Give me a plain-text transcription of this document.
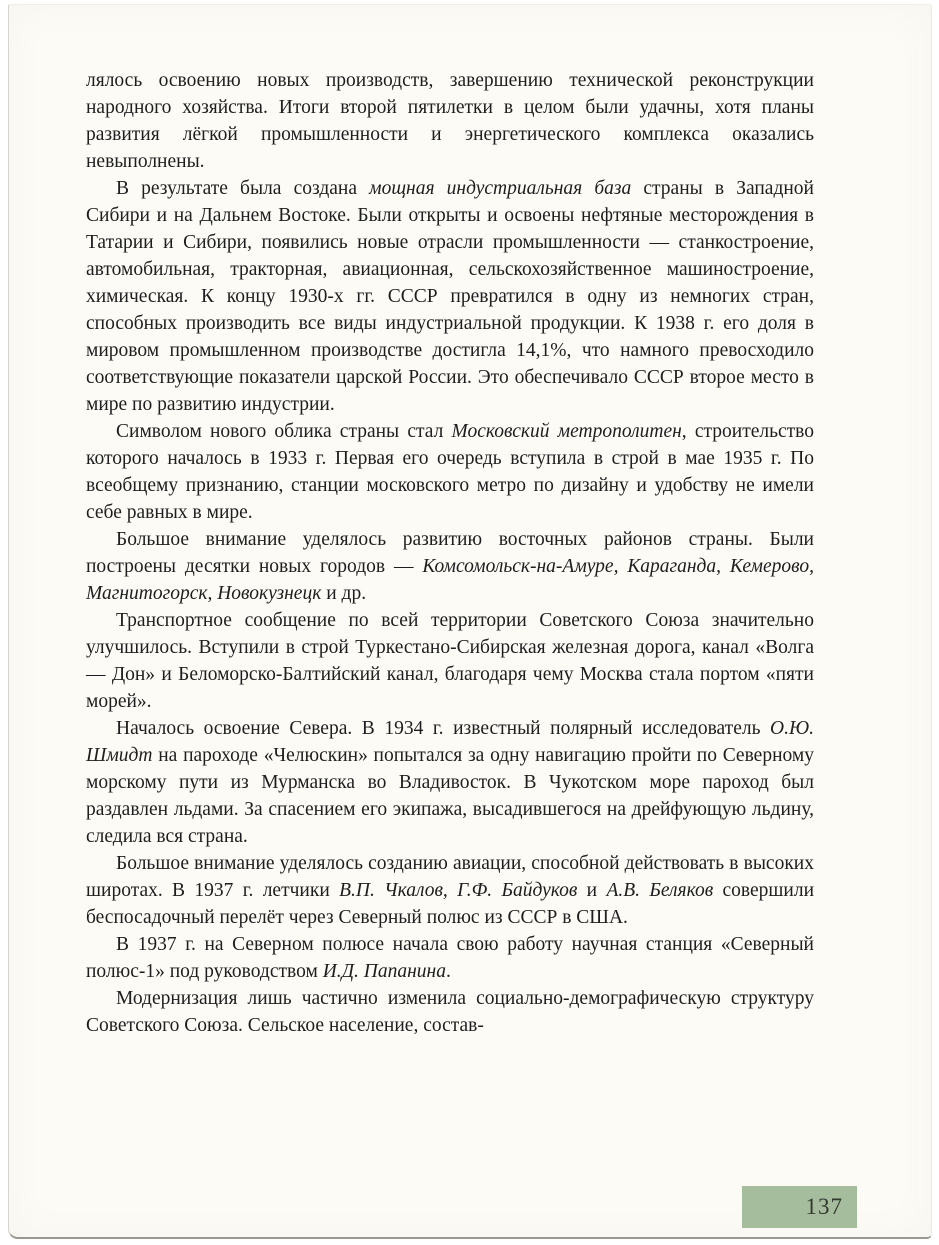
лялось освоению новых производств, завершению технической реконструкции народного хозяйства. Итоги второй пятилетки в целом были удачны, хотя планы развития лёгкой промышленности и энергетического комплекса оказались невыполнены.

В результате была создана мощная индустриальная база страны в Западной Сибири и на Дальнем Востоке. Были открыты и освоены нефтяные месторождения в Татарии и Сибири, появились новые отрасли промышленности — станкостроение, автомобильная, тракторная, авиационная, сельскохозяйственное машиностроение, химическая. К концу 1930-х гг. СССР превратился в одну из немногих стран, способных производить все виды индустриальной продукции. К 1938 г. его доля в мировом промышленном производстве достигла 14,1%, что намного превосходило соответствующие показатели царской России. Это обеспечивало СССР второе место в мире по развитию индустрии.

Символом нового облика страны стал Московский метрополитен, строительство которого началось в 1933 г. Первая его очередь вступила в строй в мае 1935 г. По всеобщему признанию, станции московского метро по дизайну и удобству не имели себе равных в мире.

Большое внимание уделялось развитию восточных районов страны. Были построены десятки новых городов — Комсомольск-на-Амуре, Караганда, Кемерово, Магнитогорск, Новокузнецк и др.

Транспортное сообщение по всей территории Советского Союза значительно улучшилось. Вступили в строй Туркестано-Сибирская железная дорога, канал «Волга — Дон» и Беломорско-Балтийский канал, благодаря чему Москва стала портом «пяти морей».

Началось освоение Севера. В 1934 г. известный полярный исследователь О.Ю. Шмидт на пароходе «Челюскин» попытался за одну навигацию пройти по Северному морскому пути из Мурманска во Владивосток. В Чукотском море пароход был раздавлен льдами. За спасением его экипажа, высадившегося на дрейфующую льдину, следила вся страна.

Большое внимание уделялось созданию авиации, способной действовать в высоких широтах. В 1937 г. летчики В.П. Чкалов, Г.Ф. Байдуков и А.В. Беляков совершили беспосадочный перелёт через Северный полюс из СССР в США.

В 1937 г. на Северном полюсе начала свою работу научная станция «Северный полюс-1» под руководством И.Д. Папанина.

Модернизация лишь частично изменила социально-демографическую структуру Советского Союза. Сельское население, состав-

137
